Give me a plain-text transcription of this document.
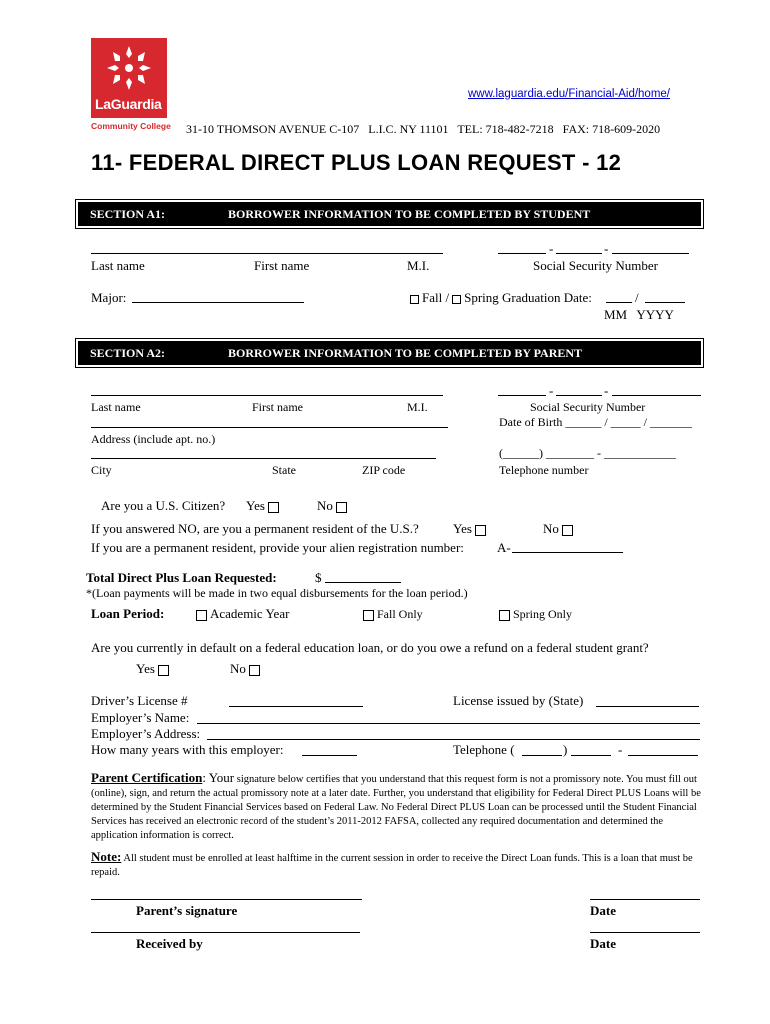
LaGuardia
Community College
www.laguardia.edu/Financial-Aid/home/
31-10 THOMSON AVENUE C-107   L.I.C. NY 11101   TEL: 718-482-7218   FAX: 718-609-2020
11- FEDERAL DIRECT PLUS LOAN REQUEST - 12
SECTION A1:	BORROWER INFORMATION TO BE COMPLETED BY STUDENT
-	-
Last name	First name	M.I.	Social Security Number
Major:	Fall / Spring Graduation Date:	/
MM   YYYY
SECTION A2:	BORROWER INFORMATION TO BE COMPLETED BY PARENT
-	-
Last name	First name	M.I.	Social Security Number
Date of Birth ______ / _____ / _______
Address (include apt. no.)
(______) ________ - ____________
City	State	ZIP code	Telephone number
Are you a U.S. Citizen? Yes	No
If you answered NO, are you a permanent resident of the U.S.?	Yes	No
If you are a permanent resident, provide your alien registration number:	A-
Total Direct Plus Loan Requested:	$
*(Loan payments will be made in two equal disbursements for the loan period.)
Loan Period:	Academic Year	Fall Only	Spring Only
Are you currently in default on a federal education loan, or do you owe a refund on a federal student grant?
Yes	No
Driver’s License #	License issued by (State)
Employer’s Name:
Employer’s Address:
How many years with this employer:	Telephone (	)	-
Parent Certification: Your signature below certifies that you understand that this request form is not a promissory note. You must fill out (online), sign, and return the actual promissory note at a later date. Further, you understand that eligibility for Federal Direct PLUS Loans will be determined by the Student Financial Services based on Federal Law. No Federal Direct PLUS Loan can be processed until the Student Financial Services has received an electronic record of the student’s 2011-2012 FAFSA, collected any required documentation and determined the application information is correct.
Note: All student must be enrolled at least halftime in the current session in order to receive the Direct Loan funds. This is a loan that must be repaid.
Parent’s signature	Date
Received by	Date
